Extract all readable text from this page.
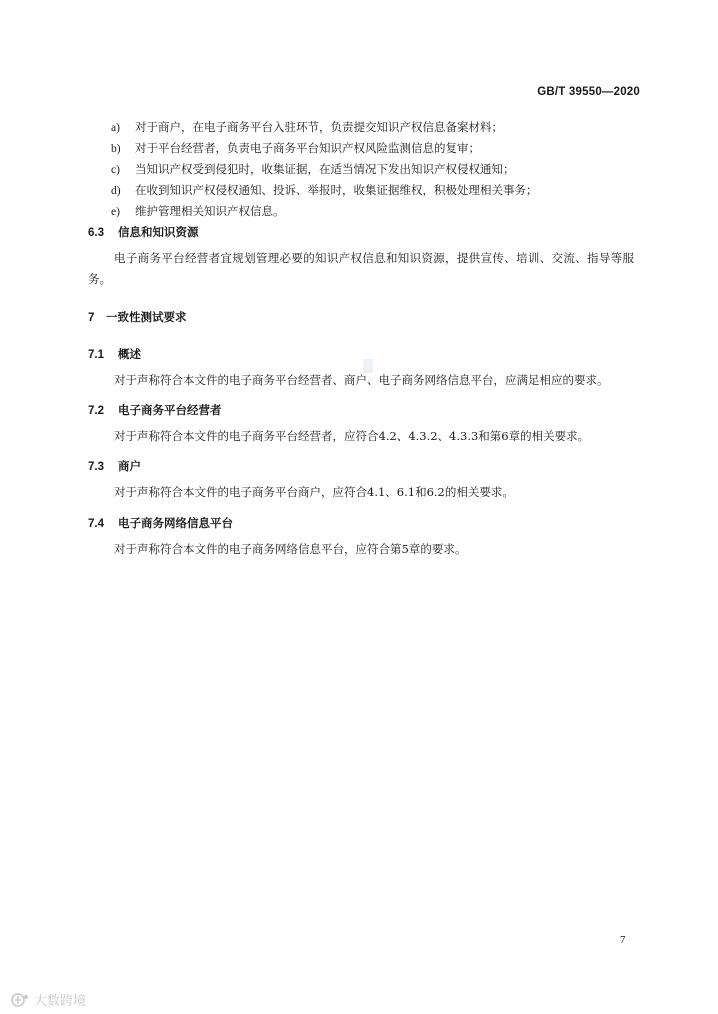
GB/T 39550—2020
a) 对于商户，在电子商务平台入驻环节，负责提交知识产权信息备案材料；
b) 对于平台经营者，负责电子商务平台知识产权风险监测信息的复审；
c) 当知识产权受到侵犯时，收集证据，在适当情况下发出知识产权侵权通知；
d) 在收到知识产权侵权通知、投诉、举报时，收集证据维权，积极处理相关事务；
e) 维护管理相关知识产权信息。
6.3 信息和知识资源

电子商务平台经营者宜规划管理必要的知识产权信息和知识资源，提供宣传、培训、交流、指导等服务。

7 一致性测试要求
7.1 概述

对于声称符合本文件的电子商务平台经营者、商户、电子商务网络信息平台，应满足相应的要求。

7.2 电子商务平台经营者

对于声称符合本文件的电子商务平台经营者，应符合4.2、4.3.2、4.3.3和第6章的相关要求。

7.3 商户

对于声称符合本文件的电子商务平台商户，应符合4.1、6.1和6.2的相关要求。

7.4 电子商务网络信息平台

对于声称符合本文件的电子商务网络信息平台，应符合第5章的要求。

7
大数跨境
